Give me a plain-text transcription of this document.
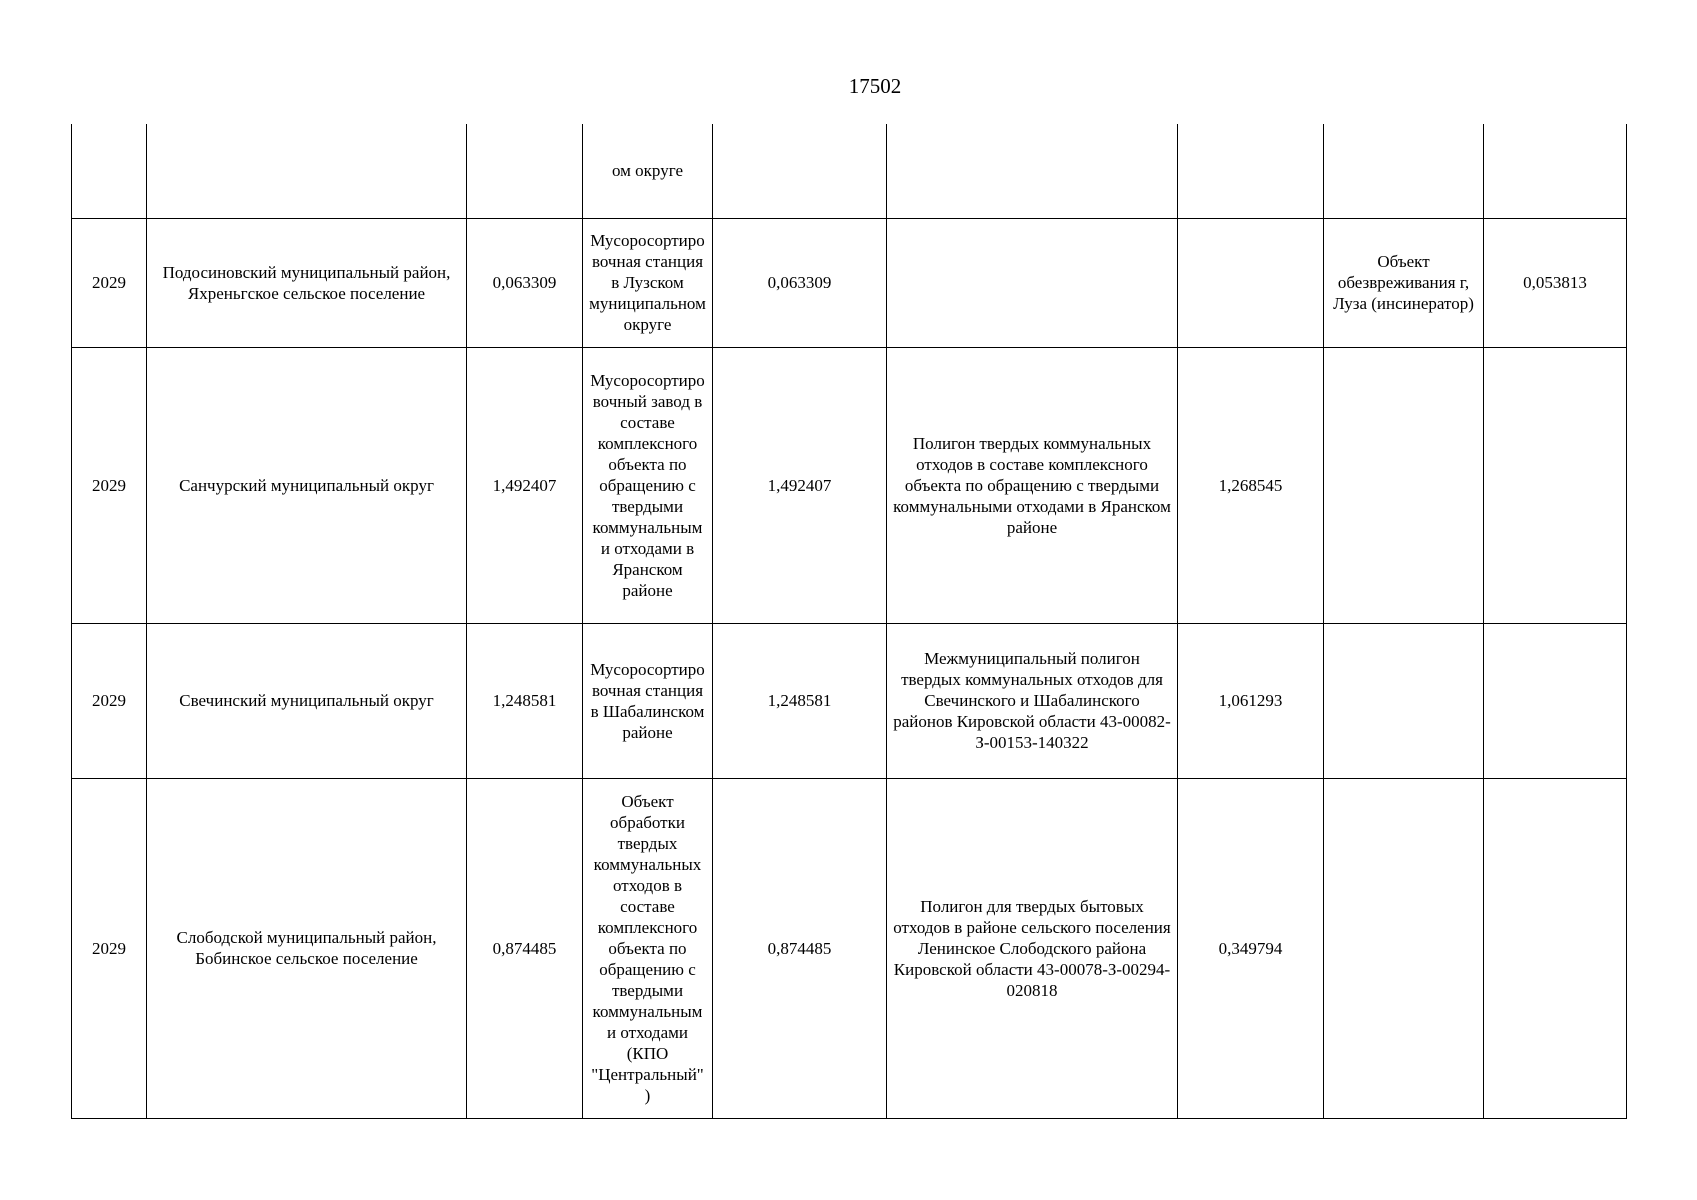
17502
			ом округе					
2029	Подосиновский муниципальный район, Яхреньгское сельское поселение	0,063309	Мусоросортировочная станция в Лузском муниципальном округе	0,063309			Объект обезвреживания г, Луза (инсинератор)	0,053813
2029	Санчурский муниципальный округ	1,492407	Мусоросортировочный завод в составе комплексного объекта по обращению с твердыми коммунальными отходами в Яранском районе	1,492407	Полигон твердых коммунальных отходов в составе комплексного объекта по обращению с твердыми коммунальными отходами в Яранском районе	1,268545		
2029	Свечинский муниципальный округ	1,248581	Мусоросортировочная станция в Шабалинском районе	1,248581	Межмуниципальный полигон твердых коммунальных отходов для Свечинского и Шабалинского районов Кировской области 43-00082-З-00153-140322	1,061293		
2029	Слободской муниципальный район, Бобинское сельское поселение	0,874485	Объект обработки твердых коммунальных отходов в составе комплексного объекта по обращению с твердыми коммунальными отходами (КПО "Центральный")	0,874485	Полигон для твердых бытовых отходов в районе сельского поселения Ленинское Слободского района Кировской области 43-00078-З-00294-020818	0,349794		
